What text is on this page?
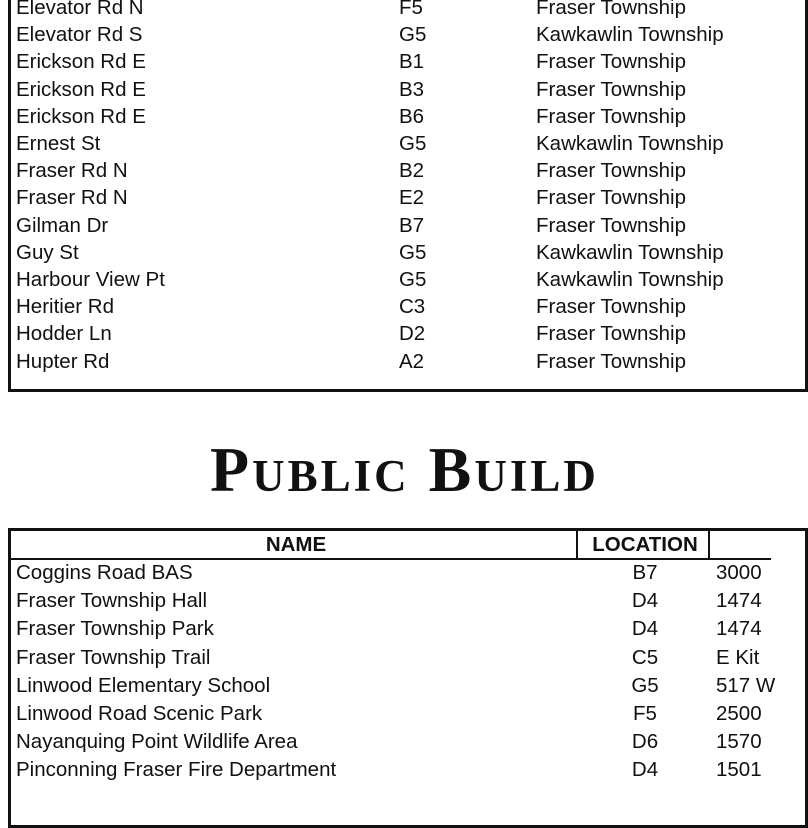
Elevator Rd N	F5	Fraser Township
Elevator Rd S	G5	Kawkawlin Township
Erickson Rd E	B1	Fraser Township
Erickson Rd E	B3	Fraser Township
Erickson Rd E	B6	Fraser Township
Ernest St	G5	Kawkawlin Township
Fraser Rd N	B2	Fraser Township
Fraser Rd N	E2	Fraser Township
Gilman Dr	B7	Fraser Township
Guy St	G5	Kawkawlin Township
Harbour View Pt	G5	Kawkawlin Township
Heritier Rd	C3	Fraser Township
Hodder Ln	D2	Fraser Township
Hupter Rd	A2	Fraser Township
Public Build
NAME	LOCATION
Coggins Road BAS	B7	3000
Fraser Township Hall	D4	1474
Fraser Township Park	D4	1474
Fraser Township Trail	C5	E Kit
Linwood Elementary School	G5	517 W
Linwood Road Scenic Park	F5	2500
Nayanquing Point Wildlife Area	D6	1570
Pinconning Fraser Fire Department	D4	1501
